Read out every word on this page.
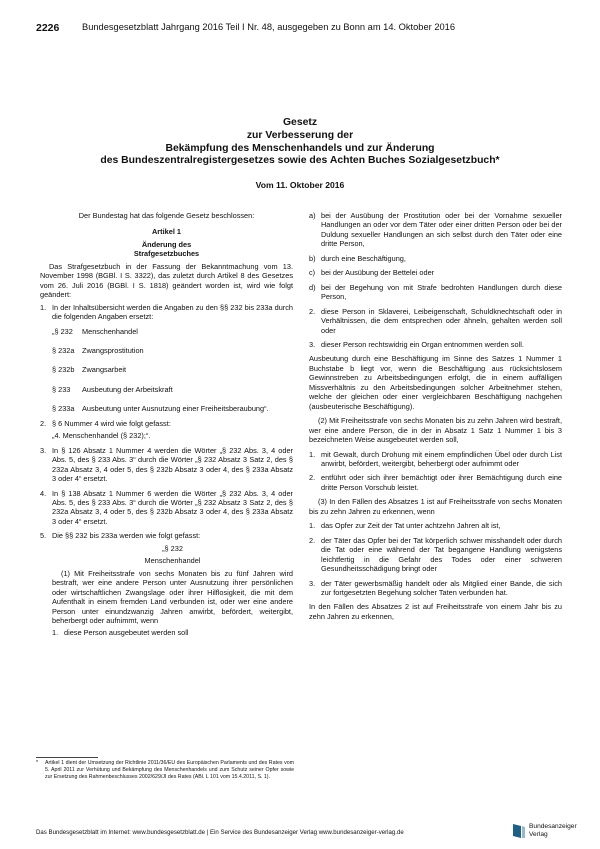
2226 Bundesgesetzblatt Jahrgang 2016 Teil I Nr. 48, ausgegeben zu Bonn am 14. Oktober 2016
Gesetz
zur Verbesserung der
Bekämpfung des Menschenhandels und zur Änderung
des Bundeszentralregistergesetzes sowie des Achten Buches Sozialgesetzbuch*
Vom 11. Oktober 2016

Der Bundestag hat das folgende Gesetz beschlossen:

Artikel 1

Änderung des

Strafgesetzbuches

Das Strafgesetzbuch in der Fassung der Bekanntmachung vom 13. November 1998 (BGBl. I S. 3322), das zuletzt durch Artikel 8 des Gesetzes vom 26. Juli 2016 (BGBl. I S. 1818) geändert worden ist, wird wie folgt geändert:

1. In der Inhaltsübersicht werden die Angaben zu den §§ 232 bis 233a durch die folgenden Angaben ersetzt:

„§ 232	Menschenhandel
§ 232a	Zwangsprostitution
§ 232b	Zwangsarbeit
§ 233	Ausbeutung der Arbeitskraft
§ 233a	Ausbeutung unter Ausnutzung einer Freiheitsberaubung“.
2. § 6 Nummer 4 wird wie folgt gefasst:

„4. Menschenhandel (§ 232);“.

3. In § 126 Absatz 1 Nummer 4 werden die Wörter „§ 232 Abs. 3, 4 oder Abs. 5, des § 233 Abs. 3“ durch die Wörter „§ 232 Absatz 3 Satz 2, des § 232a Absatz 3, 4 oder 5, des § 232b Absatz 3 oder 4, des § 233a Absatz 3 oder 4“ ersetzt.

4. In § 138 Absatz 1 Nummer 6 werden die Wörter „§ 232 Abs. 3, 4 oder Abs. 5, des § 233 Abs. 3“ durch die Wörter „§ 232 Absatz 3 Satz 2, des § 232a Absatz 3, 4 oder 5, des § 232b Absatz 3 oder 4, des § 233a Absatz 3 oder 4“ ersetzt.

5. Die §§ 232 bis 233a werden wie folgt gefasst:

„§ 232

Menschenhandel

(1) Mit Freiheitsstrafe von sechs Monaten bis zu fünf Jahren wird bestraft, wer eine andere Person unter Ausnutzung ihrer persönlichen oder wirtschaftlichen Zwangslage oder ihrer Hilflosigkeit, die mit dem Aufenthalt in einem fremden Land verbunden ist, oder wer eine andere Person unter einundzwanzig Jahren anwirbt, befördert, weitergibt, beherbergt oder aufnimmt, wenn

1. diese Person ausgebeutet werden soll

a) bei der Ausübung der Prostitution oder bei der Vornahme sexueller Handlungen an oder vor dem Täter oder einer dritten Person oder bei der Duldung sexueller Handlungen an sich selbst durch den Täter oder eine dritte Person,

b) durch eine Beschäftigung,

c) bei der Ausübung der Bettelei oder

d) bei der Begehung von mit Strafe bedrohten Handlungen durch diese Person,

2. diese Person in Sklaverei, Leibeigenschaft, Schuldknechtschaft oder in Verhältnissen, die dem entsprechen oder ähneln, gehalten werden soll oder

3. dieser Person rechtswidrig ein Organ entnommen werden soll.

Ausbeutung durch eine Beschäftigung im Sinne des Satzes 1 Nummer 1 Buchstabe b liegt vor, wenn die Beschäftigung aus rücksichtslosem Gewinnstreben zu Arbeitsbedingungen erfolgt, die in einem auffälligen Missverhältnis zu den Arbeitsbedingungen solcher Arbeitnehmer stehen, welche der gleichen oder einer vergleichbaren Beschäftigung nachgehen (ausbeuterische Beschäftigung).

(2) Mit Freiheitsstrafe von sechs Monaten bis zu zehn Jahren wird bestraft, wer eine andere Person, die in der in Absatz 1 Satz 1 Nummer 1 bis 3 bezeichneten Weise ausgebeutet werden soll,

1. mit Gewalt, durch Drohung mit einem empfindlichen Übel oder durch List anwirbt, befördert, weitergibt, beherbergt oder aufnimmt oder

2. entführt oder sich ihrer bemächtigt oder ihrer Bemächtigung durch eine dritte Person Vorschub leistet.

(3) In den Fällen des Absatzes 1 ist auf Freiheitsstrafe von sechs Monaten bis zu zehn Jahren zu erkennen, wenn

1. das Opfer zur Zeit der Tat unter achtzehn Jahren alt ist,

2. der Täter das Opfer bei der Tat körperlich schwer misshandelt oder durch die Tat oder eine während der Tat begangene Handlung wenigstens leichtfertig in die Gefahr des Todes oder einer schweren Gesundheitsschädigung bringt oder

3. der Täter gewerbsmäßig handelt oder als Mitglied einer Bande, die sich zur fortgesetzten Begehung solcher Taten verbunden hat.

In den Fällen des Absatzes 2 ist auf Freiheitsstrafe von einem Jahr bis zu zehn Jahren zu erkennen,

*	Artikel 1 dient der Umsetzung der Richtlinie 2011/36/EU des Europäischen Parlaments und des Rates vom 5. April 2011 zur Verhütung und Bekämpfung des Menschenhandels und zum Schutz seiner Opfer sowie zur Ersetzung des Rahmenbeschlusses 2002/629/JI des Rates (ABl. L 101 vom 15.4.2011, S. 1).
Das Bundesgesetzblatt im Internet: www.bundesgesetzblatt.de | Ein Service des Bundesanzeiger Verlag www.bundesanzeiger-verlag.de
Bundesanzeiger
Verlag
